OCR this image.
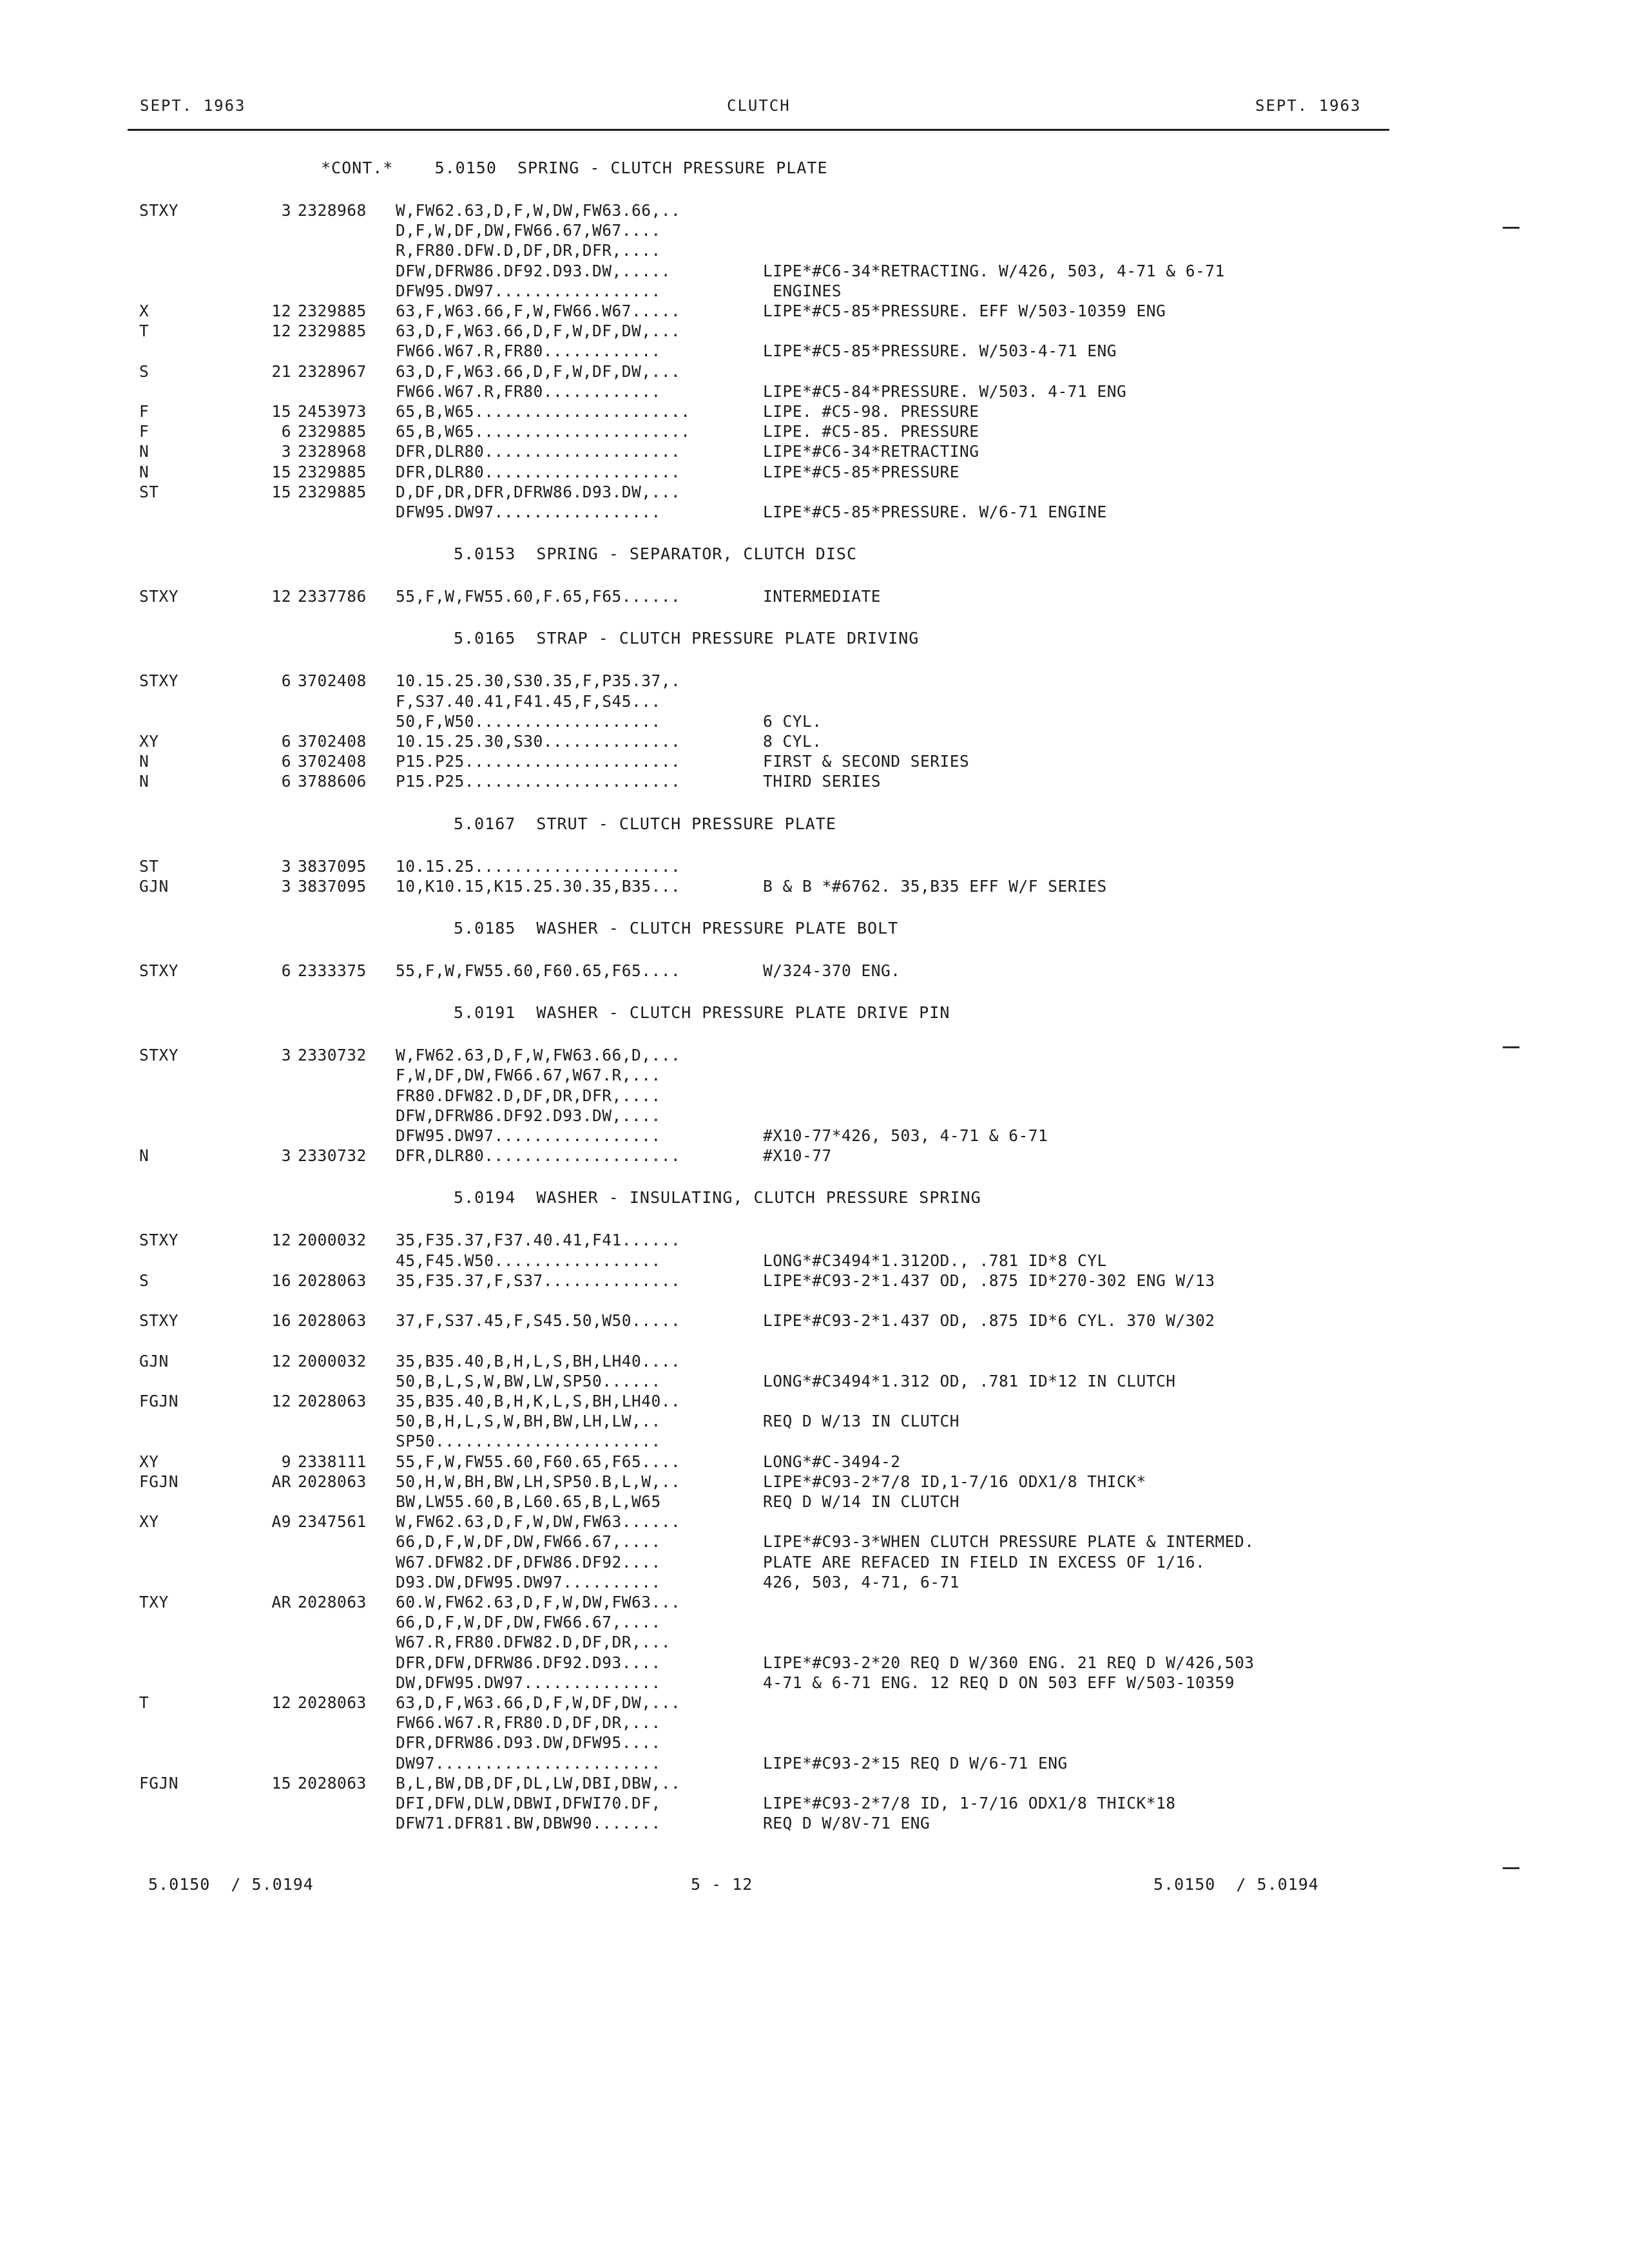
SEPT. 1963	CLUTCH	SEPT. 1963
*CONT.*    5.0150  SPRING - CLUTCH PRESSURE PLATE
STXY	3 2328968 W,FW62.63,D,F,W,DW,FW63.66,..
D,F,W,DF,DW,FW66.67,W67....
R,FR80.DFW.D,DF,DR,DFR,....
DFW,DFRW86.DF92.D93.DW,.....	LIPE*#C6-34*RETRACTING. W/426, 503, 4-71 & 6-71
DFW95.DW97.................	ENGINES
X	12 2329885 63,F,W63.66,F,W,FW66.W67.....	LIPE*#C5-85*PRESSURE. EFF W/503-10359 ENG
T	12 2329885 63,D,F,W63.66,D,F,W,DF,DW,...
FW66.W67.R,FR80............	LIPE*#C5-85*PRESSURE. W/503-4-71 ENG
S	21 2328967 63,D,F,W63.66,D,F,W,DF,DW,...
FW66.W67.R,FR80............	LIPE*#C5-84*PRESSURE. W/503. 4-71 ENG
F	15 2453973 65,B,W65......................	LIPE. #C5-98. PRESSURE
F	6 2329885 65,B,W65......................	LIPE. #C5-85. PRESSURE
N	3 2328968 DFR,DLR80....................	LIPE*#C6-34*RETRACTING
N	15 2329885 DFR,DLR80....................	LIPE*#C5-85*PRESSURE
ST	15 2329885 D,DF,DR,DFR,DFRW86.D93.DW,...
DFW95.DW97.................	LIPE*#C5-85*PRESSURE. W/6-71 ENGINE
5.0153  SPRING - SEPARATOR, CLUTCH DISC
STXY	12 2337786 55,F,W,FW55.60,F.65,F65......	INTERMEDIATE
5.0165  STRAP - CLUTCH PRESSURE PLATE DRIVING
STXY	6 3702408 10.15.25.30,S30.35,F,P35.37,.
F,S37.40.41,F41.45,F,S45...
50,F,W50...................	6 CYL.
XY	6 3702408 10.15.25.30,S30..............	8 CYL.
N	6 3702408 P15.P25......................	FIRST & SECOND SERIES
N	6 3788606 P15.P25......................	THIRD SERIES
5.0167  STRUT - CLUTCH PRESSURE PLATE
ST	3 3837095 10.15.25.....................
GJN	3 3837095 10,K10.15,K15.25.30.35,B35...	B & B *#6762. 35,B35 EFF W/F SERIES
5.0185  WASHER - CLUTCH PRESSURE PLATE BOLT
STXY	6 2333375 55,F,W,FW55.60,F60.65,F65....	W/324-370 ENG.
5.0191  WASHER - CLUTCH PRESSURE PLATE DRIVE PIN
STXY	3 2330732 W,FW62.63,D,F,W,FW63.66,D,...
F,W,DF,DW,FW66.67,W67.R,...
FR80.DFW82.D,DF,DR,DFR,....
DFW,DFRW86.DF92.D93.DW,....
DFW95.DW97.................	#X10-77*426, 503, 4-71 & 6-71
N	3 2330732 DFR,DLR80....................	#X10-77
5.0194  WASHER - INSULATING, CLUTCH PRESSURE SPRING
STXY	12 2000032 35,F35.37,F37.40.41,F41......
45,F45.W50.................	LONG*#C3494*1.312OD., .781 ID*8 CYL
S	16 2028063 35,F35.37,F,S37..............	LIPE*#C93-2*1.437 OD, .875 ID*270-302 ENG W/13
STXY	16 2028063 37,F,S37.45,F,S45.50,W50.....	LIPE*#C93-2*1.437 OD, .875 ID*6 CYL. 370 W/302
GJN	12 2000032 35,B35.40,B,H,L,S,BH,LH40....
50,B,L,S,W,BW,LW,SP50......	LONG*#C3494*1.312 OD, .781 ID*12 IN CLUTCH
FGJN	12 2028063 35,B35.40,B,H,K,L,S,BH,LH40..
50,B,H,L,S,W,BH,BW,LH,LW,..	REQ D W/13 IN CLUTCH
SP50.......................
XY	9 2338111 55,F,W,FW55.60,F60.65,F65....	LONG*#C-3494-2
FGJN	AR 2028063 50,H,W,BH,BW,LH,SP50.B,L,W,..	LIPE*#C93-2*7/8 ID,1-7/16 ODX1/8 THICK*
BW,LW55.60,B,L60.65,B,L,W65	REQ D W/14 IN CLUTCH
XY	A9 2347561 W,FW62.63,D,F,W,DW,FW63......
66,D,F,W,DF,DW,FW66.67,....	LIPE*#C93-3*WHEN CLUTCH PRESSURE PLATE & INTERMED.
W67.DFW82.DF,DFW86.DF92....	PLATE ARE REFACED IN FIELD IN EXCESS OF 1/16.
D93.DW,DFW95.DW97..........	426, 503, 4-71, 6-71
TXY	AR 2028063 60.W,FW62.63,D,F,W,DW,FW63...
66,D,F,W,DF,DW,FW66.67,....
W67.R,FR80.DFW82.D,DF,DR,...
DFR,DFW,DFRW86.DF92.D93....	LIPE*#C93-2*20 REQ D W/360 ENG. 21 REQ D W/426,503
DW,DFW95.DW97..............	4-71 & 6-71 ENG. 12 REQ D ON 503 EFF W/503-10359
T	12 2028063 63,D,F,W63.66,D,F,W,DF,DW,...
FW66.W67.R,FR80.D,DF,DR,...
DFR,DFRW86.D93.DW,DFW95....
DW97.......................	LIPE*#C93-2*15 REQ D W/6-71 ENG
FGJN	15 2028063 B,L,BW,DB,DF,DL,LW,DBI,DBW,..
DFI,DFW,DLW,DBWI,DFWI70.DF,	LIPE*#C93-2*7/8 ID, 1-7/16 ODX1/8 THICK*18
DFW71.DFR81.BW,DBW90.......	REQ D W/8V-71 ENG
5.0150  / 5.0194	5 - 12	5.0150  / 5.0194
